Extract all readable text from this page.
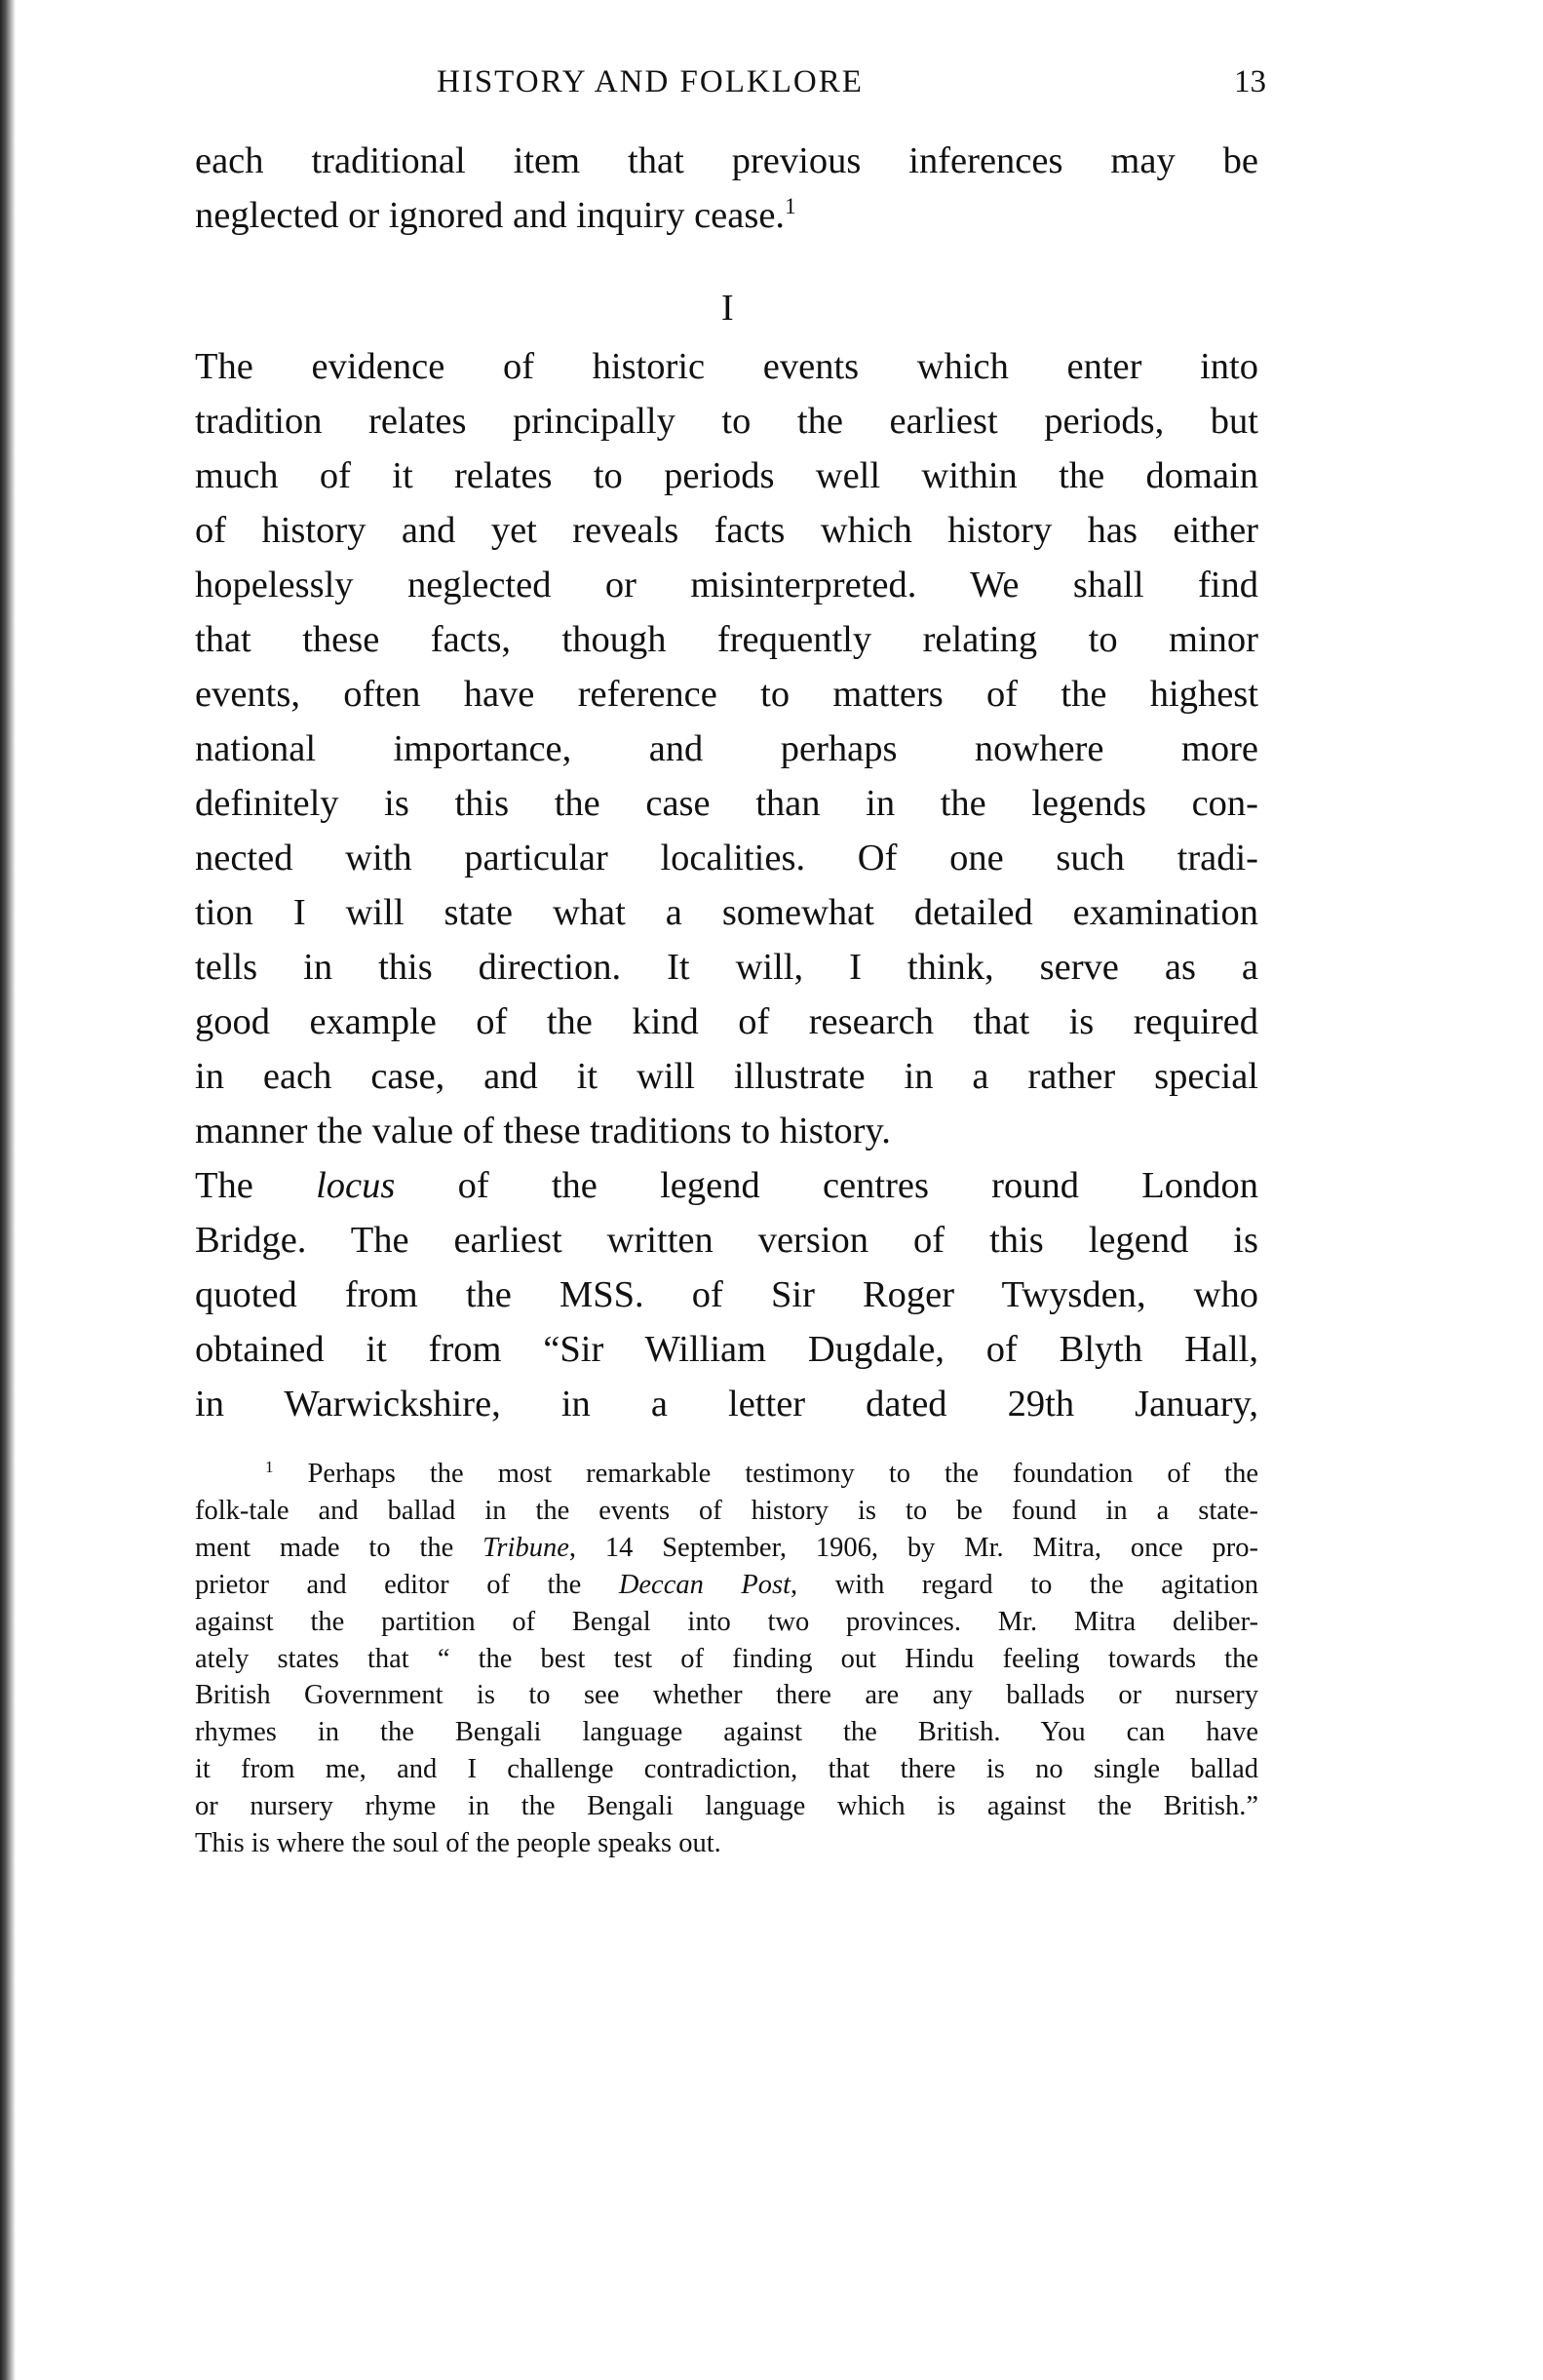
HISTORY AND FOLKLORE	13
each traditional item that previous inferences may be
neglected or ignored and inquiry cease.$^1$
I
The evidence of historic events which enter into
tradition relates principally to the earliest periods, but
much of it relates to periods well within the domain
of history and yet reveals facts which history has either
hopelessly neglected or misinterpreted. We shall find
that these facts, though frequently relating to minor
events, often have reference to matters of the highest
national importance, and perhaps nowhere more
definitely is this the case than in the legends con-
nected with particular localities. Of one such tradi-
tion I will state what a somewhat detailed examination
tells in this direction. It will, I think, serve as a
good example of the kind of research that is required
in each case, and it will illustrate in a rather special
manner the value of these traditions to history.
The locus of the legend centres round London
Bridge. The earliest written version of this legend is
quoted from the MSS. of Sir Roger Twysden, who
obtained it from “Sir William Dugdale, of Blyth Hall,
in Warwickshire, in a letter dated 29th January,
$^1$ Perhaps the most remarkable testimony to the foundation of the
folk-tale and ballad in the events of history is to be found in a state-
ment made to the Tribune, 14 September, 1906, by Mr. Mitra, once pro-
prietor and editor of the Deccan Post, with regard to the agitation
against the partition of Bengal into two provinces. Mr. Mitra deliber-
ately states that “ the best test of finding out Hindu feeling towards the
British Government is to see whether there are any ballads or nursery
rhymes in the Bengali language against the British. You can have
it from me, and I challenge contradiction, that there is no single ballad
or nursery rhyme in the Bengali language which is against the British.”
This is where the soul of the people speaks out.
